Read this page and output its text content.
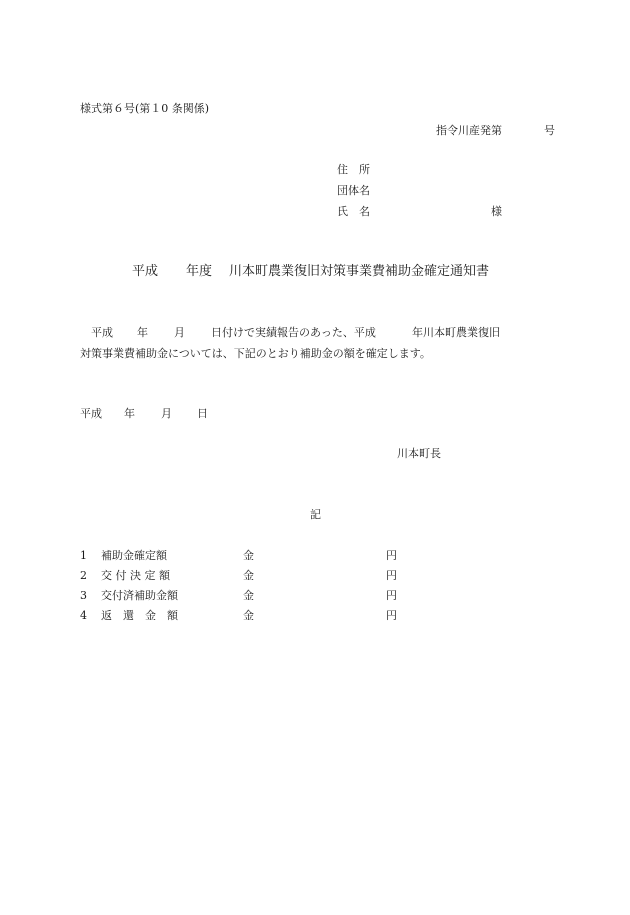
様式第６号(第１0 条関係)
指令川産発第	号
住　所
団体名
氏　名	様
平成 年度 川本町農業復旧対策事業費補助金確定通知書
平成 年 月 日付けで実績報告のあった、平成	年川本町農業復旧
対策事業費補助金については、下記のとおり補助金の額を確定します。
平成 年 月 日
川本町長
記
1 補助金確定額	金	円
2 交 付 決 定 額	金	円
3 交付済補助金額	金	円
4 返　還　金　額	金	円
